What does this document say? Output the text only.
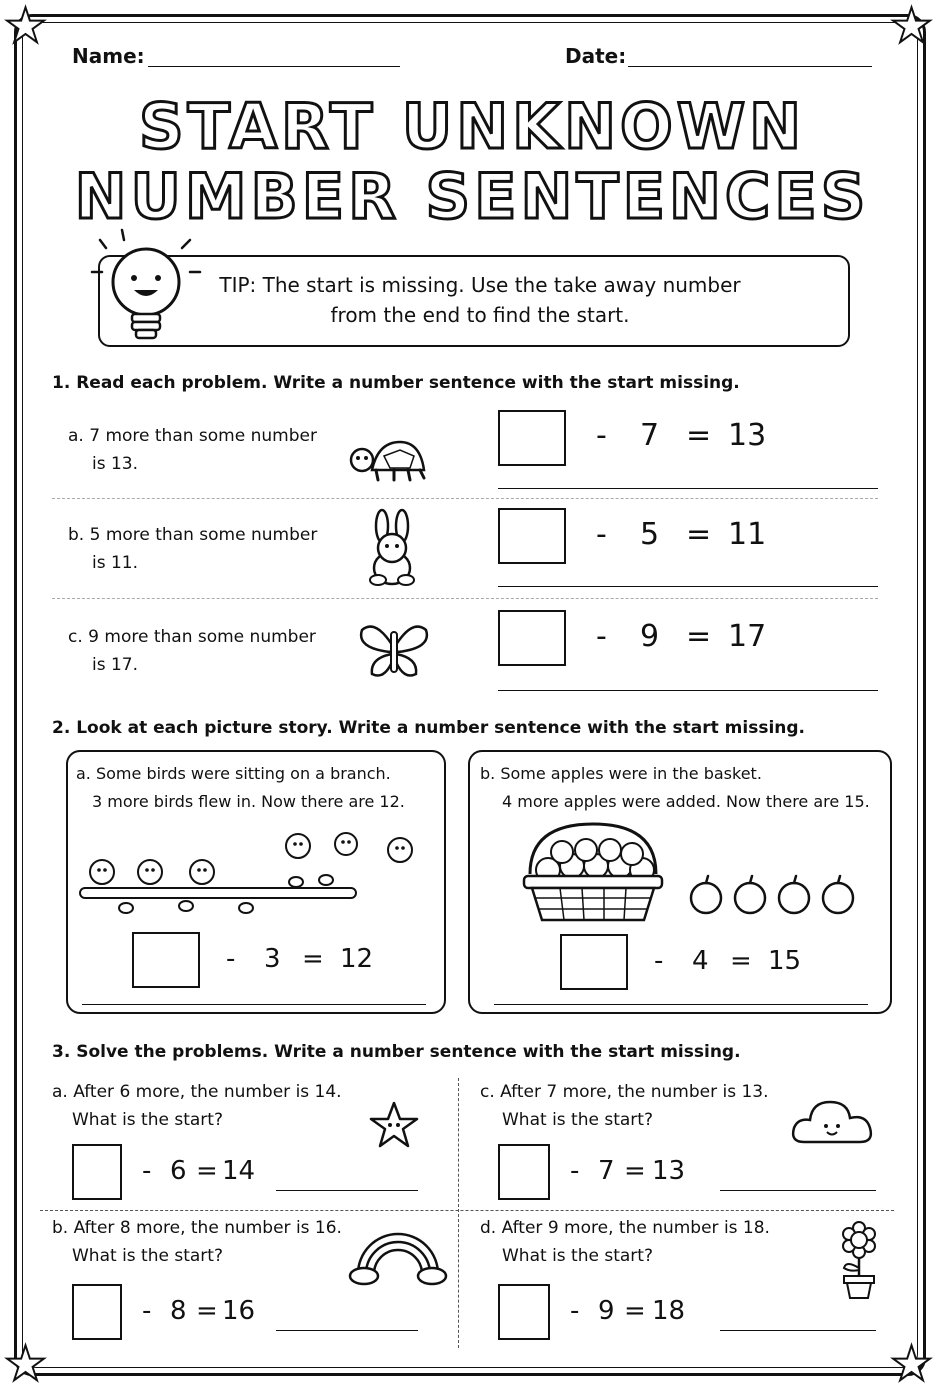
★	★
★	★
Name:	Date:
START UNKNOWN
NUMBER SENTENCES
TIP: The start is missing. Use the take away number
from the end to find the start.
1. Read each problem. Write a number sentence with the start missing.
a. 7 more than some number
is 13.
- 7 = 13
b. 5 more than some number
is 11.
- 5 = 11
c. 9 more than some number
is 17.
- 9 = 17
2. Look at each picture story. Write a number sentence with the start missing.
a. Some birds were sitting on a branch.
3 more birds flew in. Now there are 12.
- 3 = 12
b. Some apples were in the basket.
4 more apples were added. Now there are 15.
- 4 = 15
3. Solve the problems. Write a number sentence with the start missing.
a. After 6 more, the number is 14.
What is the start?
- 6 = 14
c. After 7 more, the number is 13.
What is the start?
- 7 = 13
b. After 8 more, the number is 16.
What is the start?
- 8 = 16
d. After 9 more, the number is 18.
What is the start?
- 9 = 18
